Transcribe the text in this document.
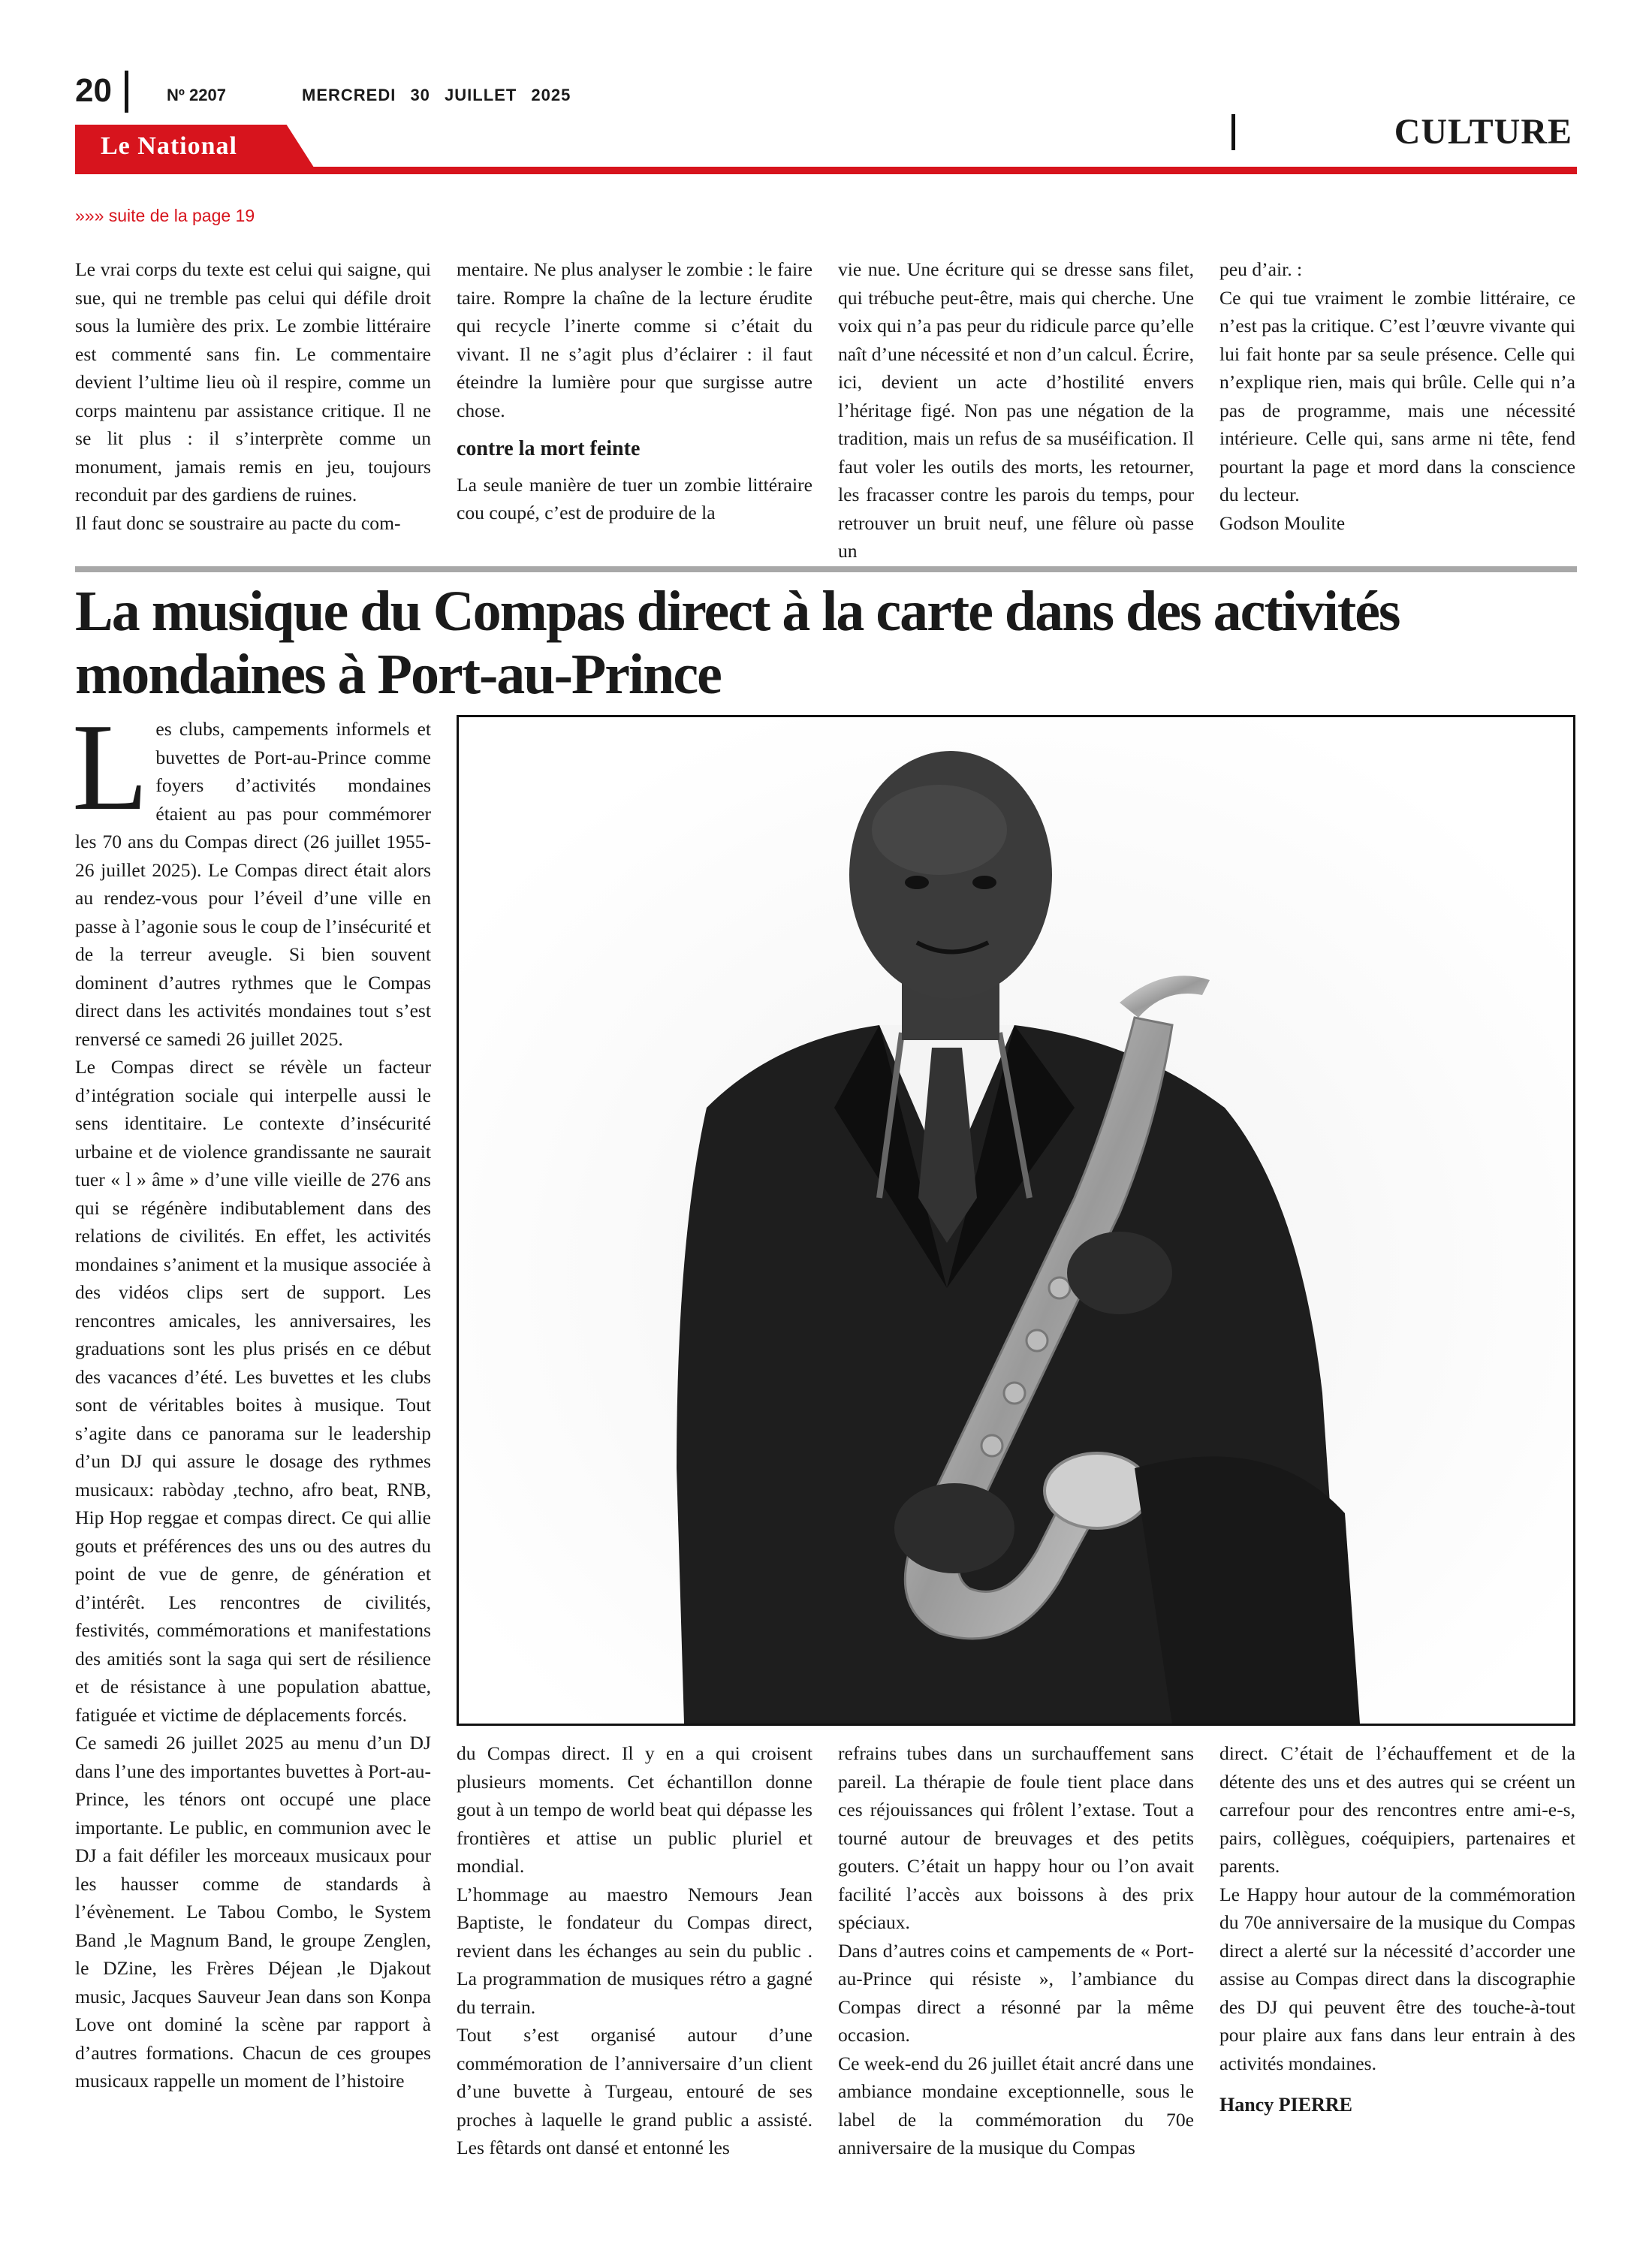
20	Nº 2207	MERCREDI 30 JUILLET 2025
CULTURE
Le National
»»» suite de la page 19

Le vrai corps du texte est celui qui saigne, qui sue, qui ne tremble pas celui qui défile droit sous la lumière des prix. Le zombie littéraire est commenté sans fin. Le commentaire devient l’ultime lieu où il respire, comme un corps maintenu par assistance critique. Il ne se lit plus : il s’interprète comme un monument, jamais remis en jeu, toujours reconduit par des gardiens de ruines.

Il faut donc se soustraire au pacte du com-

mentaire. Ne plus analyser le zombie : le faire taire. Rompre la chaîne de la lecture érudite qui recycle l’inerte comme si c’était du vivant. Il ne s’agit plus d’éclairer : il faut éteindre la lumière pour que surgisse autre chose.

contre la mort feinte

La seule manière de tuer un zombie littéraire cou coupé, c’est de produire de la

vie nue. Une écriture qui se dresse sans filet, qui trébuche peut-être, mais qui cherche. Une voix qui n’a pas peur du ridicule parce qu’elle naît d’une nécessité et non d’un calcul. Écrire, ici, devient un acte d’hostilité envers l’héritage figé. Non pas une négation de la tradition, mais un refus de sa muséification. Il faut voler les outils des morts, les retourner, les fracasser contre les parois du temps, pour retrouver un bruit neuf, une fêlure où passe un

peu d’air. :

Ce qui tue vraiment le zombie littéraire, ce n’est pas la critique. C’est l’œuvre vivante qui lui fait honte par sa seule présence. Celle qui n’explique rien, mais qui brûle. Celle qui n’a pas de programme, mais une nécessité intérieure. Celle qui, sans arme ni tête, fend pourtant la page et mord dans la conscience du lecteur.

Godson Moulite

La musique du Compas direct à la carte dans des activités mondaines à Port-au-Prince

Les clubs, campements informels et buvettes de Port-au-Prince comme foyers d’activités mondaines étaient au pas pour commémorer les 70 ans du Compas direct (26 juillet 1955-26 juillet 2025). Le Compas direct était alors au rendez-vous pour l’éveil d’une ville en passe à l’agonie sous le coup de l’insécurité et de la terreur aveugle. Si bien souvent dominent d’autres rythmes que le Compas direct dans les activités mondaines tout s’est renversé ce samedi 26 juillet 2025.

Le Compas direct se révèle un facteur d’intégration sociale qui interpelle aussi le sens identitaire. Le contexte d’insécurité urbaine et de violence grandissante ne saurait tuer « l » âme » d’une ville vieille de 276 ans qui se régénère indibutablement dans des relations de civilités. En effet, les activités mondaines s’animent et la musique associée à des vidéos clips sert de support. Les rencontres amicales, les anniversaires, les graduations sont les plus prisés en ce début des vacances d’été. Les buvettes et les clubs sont de véritables boites à musique. Tout s’agite dans ce panorama sur le leadership d’un DJ qui assure le dosage des rythmes musicaux: rabòday ,techno, afro beat, RNB, Hip Hop reggae et compas direct. Ce qui allie gouts et préférences des uns ou des autres du point de vue de genre, de génération et d’intérêt. Les rencontres de civilités, festivités, commémorations et manifestations des amitiés sont la saga qui sert de résilience et de résistance à une population abattue, fatiguée et victime de déplacements forcés.

Ce samedi 26 juillet 2025 au menu d’un DJ dans l’une des importantes buvettes à Port-au-Prince, les ténors ont occupé une place importante. Le public, en communion avec le DJ a fait défiler les morceaux musicaux pour les hausser comme de standards à l’évènement. Le Tabou Combo, le System Band ,le Magnum Band, le groupe Zenglen, le DZine, les Frères Déjean ,le Djakout music, Jacques Sauveur Jean dans son Konpa Love ont dominé la scène par rapport à d’autres formations. Chacun de ces groupes musicaux rappelle un moment de l’histoire

du Compas direct. Il y en a qui croisent plusieurs moments. Cet échantillon donne gout à un tempo de world beat qui dépasse les frontières et attise un public pluriel et mondial.

L’hommage au maestro Nemours Jean Baptiste, le fondateur du Compas direct, revient dans les échanges au sein du public . La programmation de musiques rétro a gagné du terrain.

Tout s’est organisé autour d’une commémoration de l’anniversaire d’un client d’une buvette à Turgeau, entouré de ses proches à laquelle le grand public a assisté. Les fêtards ont dansé et entonné les

refrains tubes dans un surchauffement sans pareil. La thérapie de foule tient place dans ces réjouissances qui frôlent l’extase. Tout a tourné autour de breuvages et des petits gouters. C’était un happy hour ou l’on avait facilité l’accès aux boissons à des prix spéciaux.

Dans d’autres coins et campements de « Port-au-Prince qui résiste », l’ambiance du Compas direct a résonné par la même occasion.

Ce week-end du 26 juillet était ancré dans une ambiance mondaine exceptionnelle, sous le label de la commémoration du 70e anniversaire de la musique du Compas

direct. C’était de l’échauffement et de la détente des uns et des autres qui se créent un carrefour pour des rencontres entre ami-e-s, pairs, collègues, coéquipiers, partenaires et parents.

Le Happy hour autour de la commémoration du 70e anniversaire de la musique du Compas direct a alerté sur la nécessité d’accorder une assise au Compas direct dans la discographie des DJ qui peuvent être des touche-à-tout pour plaire aux fans dans leur entrain à des activités mondaines.

Hancy PIERRE
